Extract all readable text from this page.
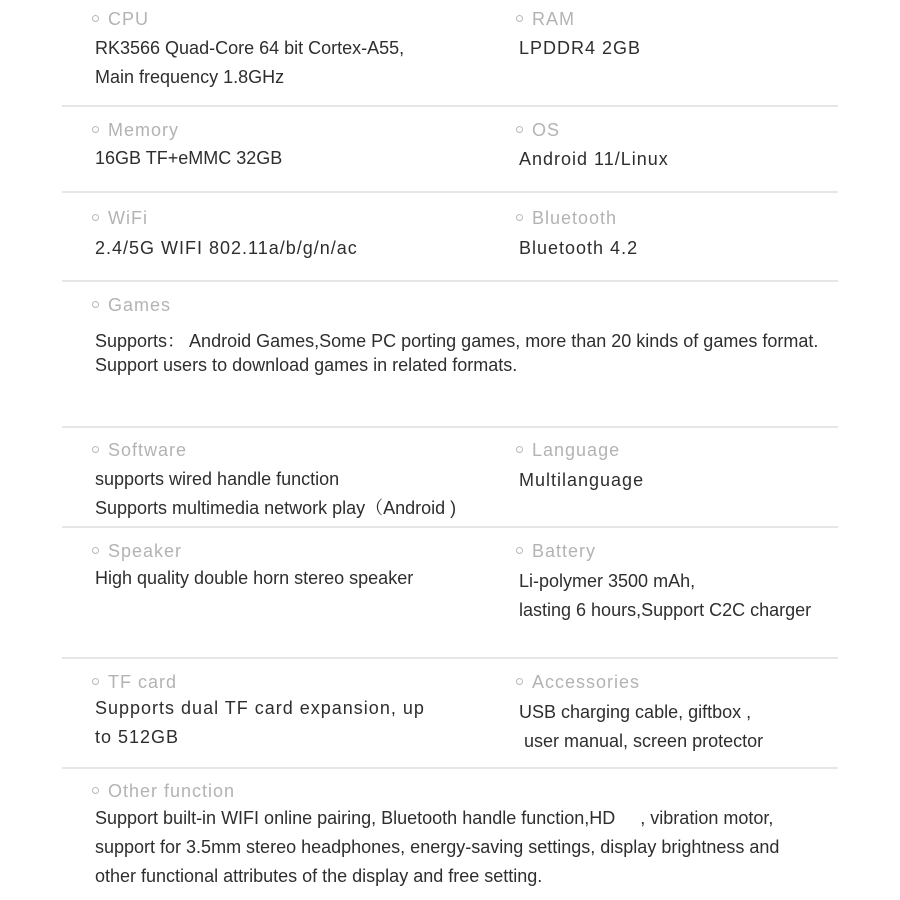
CPU
RK3566 Quad-Core 64 bit Cortex-A55,
Main frequency 1.8GHz
RAM
LPDDR4 2GB
Memory
16GB TF+eMMC 32GB
OS
Android 11/Linux
WiFi
2.4/5G WIFI 802.11a/b/g/n/ac
Bluetooth
Bluetooth 4.2
Games
Supports： Android Games,Some PC porting games, more than 20 kinds of games format.
Support users to download games in related formats.
Software
supports wired handle function
Supports multimedia network play（Android )
Language
Multilanguage
Speaker
High quality double horn stereo speaker
Battery
Li-polymer 3500 mAh,
lasting 6 hours,Support C2C charger
TF card
Supports dual TF card expansion, up
to 512GB
Accessories
USB charging cable, giftbox ,
user manual, screen protector
Other function
Support built-in WIFI online pairing, Bluetooth handle function,HD     , vibration motor,
support for 3.5mm stereo headphones, energy-saving settings, display brightness and
other functional attributes of the display and free setting.
